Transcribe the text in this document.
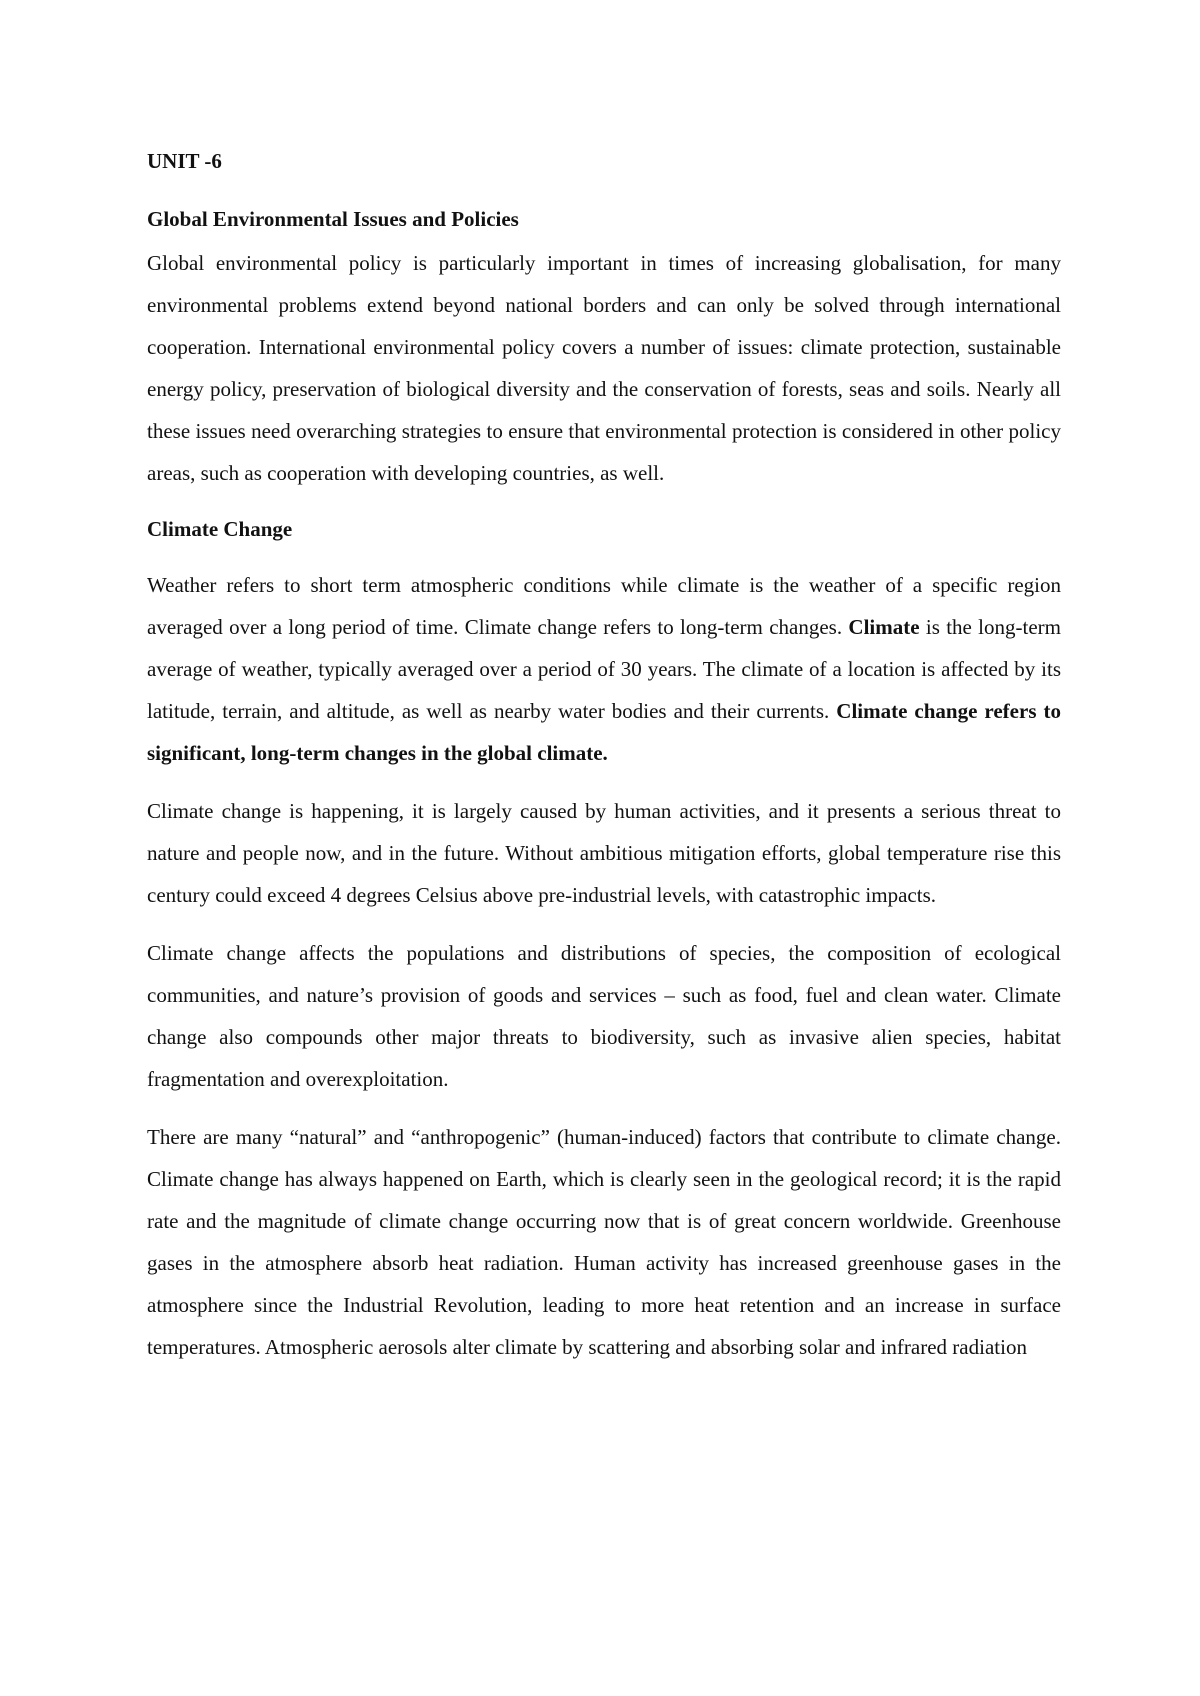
UNIT -6
Global Environmental Issues and Policies

Global environmental policy is particularly important in times of increasing globalisation, for many environmental problems extend beyond national borders and can only be solved through international cooperation. International environmental policy covers a number of issues: climate protection, sustainable energy policy, preservation of biological diversity and the conservation of forests, seas and soils. Nearly all these issues need overarching strategies to ensure that environmental protection is considered in other policy areas, such as cooperation with developing countries, as well.

Climate Change

Weather refers to short term atmospheric conditions while climate is the weather of a specific region averaged over a long period of time. Climate change refers to long-term changes. Climate is the long-term average of weather, typically averaged over a period of 30 years. The climate of a location is affected by its latitude, terrain, and altitude, as well as nearby water bodies and their currents. Climate change refers to significant, long-term changes in the global climate.

Climate change is happening, it is largely caused by human activities, and it presents a serious threat to nature and people now, and in the future. Without ambitious mitigation efforts, global temperature rise this century could exceed 4 degrees Celsius above pre-industrial levels, with catastrophic impacts.

Climate change affects the populations and distributions of species, the composition of ecological communities, and nature’s provision of goods and services – such as food, fuel and clean water. Climate change also compounds other major threats to biodiversity, such as invasive alien species, habitat fragmentation and overexploitation.

There are many “natural” and “anthropogenic” (human-induced) factors that contribute to climate change. Climate change has always happened on Earth, which is clearly seen in the geological record; it is the rapid rate and the magnitude of climate change occurring now that is of great concern worldwide. Greenhouse gases in the atmosphere absorb heat radiation. Human activity has increased greenhouse gases in the atmosphere since the Industrial Revolution, leading to more heat retention and an increase in surface temperatures. Atmospheric aerosols alter climate by scattering and absorbing solar and infrared radiation
